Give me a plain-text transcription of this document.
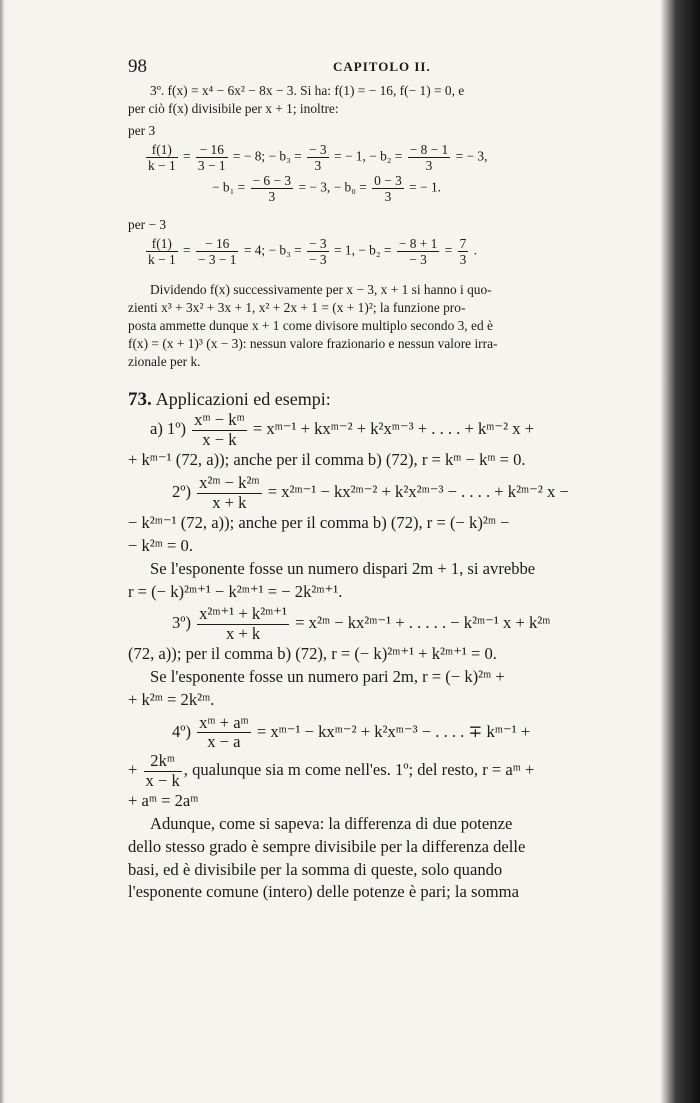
98	CAPITOLO II.
3º. f(x) = x⁴ − 6x² − 8x − 3. Si ha: f(1) = − 16, f(− 1) = 0, e
per ciò f(x) divisibile per x + 1; inoltre:
per 3
$\frac{f(1)}{k - 1} = \frac{- 16}{3 - 1}$ = − 8; − $b_3 = \frac{- 3}{3}$ = − 1, − $b_2 = \frac{- 8 - 1}{3}$ = − 3,
− $b_1 = \frac{- 6 - 3}{3}$ = − 3, − $b_0 = \frac{0 - 3}{3}$ = − 1.
per − 3
$\frac{f(1)}{k - 1} = \frac{- 16}{- 3 - 1} = 4$; − $b_3 = \frac{- 3}{- 3} = 1$, − $b_2 = \frac{- 8 + 1}{- 3} = \frac{7}{3}$ .
Dividendo f(x) successivamente per x − 3, x + 1 si hanno i quo-
zienti x³ + 3x² + 3x + 1, x² + 2x + 1 = (x + 1)²; la funzione pro-
posta ammette dunque x + 1 come divisore multiplo secondo 3, ed è
f(x) = (x + 1)³ (x − 3): nessun valore frazionario e nessun valore irra-
zionale per k.
73. Applicazioni ed esempi:
a) 1º) $\frac{\text{xᵐ − kᵐ}}{x - k}$ = xᵐ⁻¹ + kxᵐ⁻² + k²xᵐ⁻³ + . . . . + kᵐ⁻² x +
+ kᵐ⁻¹ (72, a)); anche per il comma b) (72), r = kᵐ − kᵐ = 0.
2º) $\frac{\text{x²ᵐ − k²ᵐ}}{x + k}$ = x²ᵐ⁻¹ − kx²ᵐ⁻² + k²x²ᵐ⁻³ − . . . . + k²ᵐ⁻² x −
− k²ᵐ⁻¹ (72, a)); anche per il comma b) (72), r = (− k)²ᵐ −
− k²ᵐ = 0.
Se l'esponente fosse un numero dispari 2m + 1, si avrebbe
r = (− k)²ᵐ⁺¹ − k²ᵐ⁺¹ = − 2k²ᵐ⁺¹.
3º) $\frac{\text{x²ᵐ⁺¹ + k²ᵐ⁺¹}}{x + k}$ = x²ᵐ − kx²ᵐ⁻¹ + . . . . . − k²ᵐ⁻¹ x + k²ᵐ
(72, a)); per il comma b) (72), r = (− k)²ᵐ⁺¹ + k²ᵐ⁺¹ = 0.
Se l'esponente fosse un numero pari 2m, r = (− k)²ᵐ +
+ k²ᵐ = 2k²ᵐ.
4º) $\frac{\text{xᵐ + aᵐ}}{x - a}$ = xᵐ⁻¹ − kxᵐ⁻² + k²xᵐ⁻³ − . . . . ∓ kᵐ⁻¹ +
+ $\frac{\text{2kᵐ}}{x - k}$ , qualunque sia m come nell'es. 1º; del resto, r = aᵐ +
+ aᵐ = 2aᵐ
Adunque, come si sapeva: la differenza di due potenze
dello stesso grado è sempre divisibile per la differenza delle
basi, ed è divisibile per la somma di queste, solo quando
l'esponente comune (intero) delle potenze è pari; la somma
